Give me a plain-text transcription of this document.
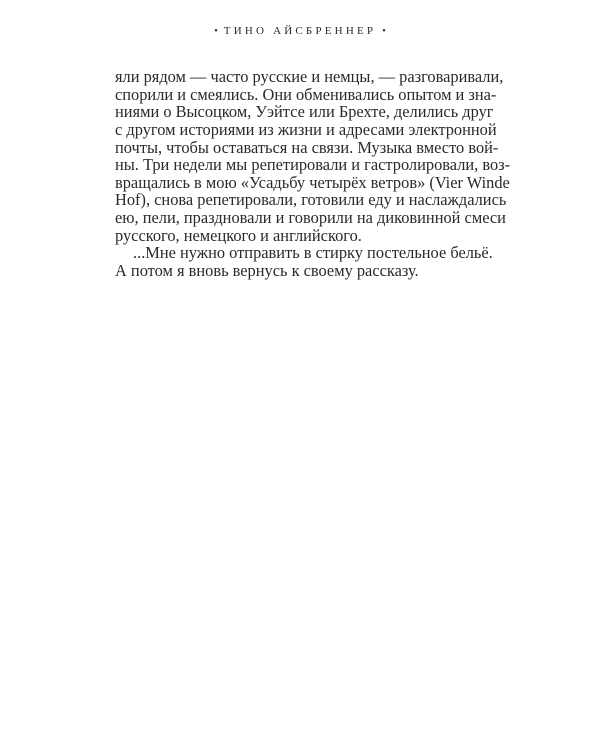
• ТИНО АЙСБРЕННЕР •

яли рядом — часто русские и немцы, — разговаривали,
спорили и смеялись. Они обменивались опытом и зна-
ниями о Высоцком, Уэйтсе или Брехте, делились друг
с другом историями из жизни и адресами электронной
почты, чтобы оставаться на связи. Музыка вместо вой-
ны. Три недели мы репетировали и гастролировали, воз-
вращались в мою «Усадьбу четырёх ветров» (Vier Winde
Hof), снова репетировали, готовили еду и наслаждались
ею, пели, праздновали и говорили на диковинной смеси
русского, немецкого и английского.

...Мне нужно отправить в стирку постельное бельё.
А потом я вновь вернусь к своему рассказу.
